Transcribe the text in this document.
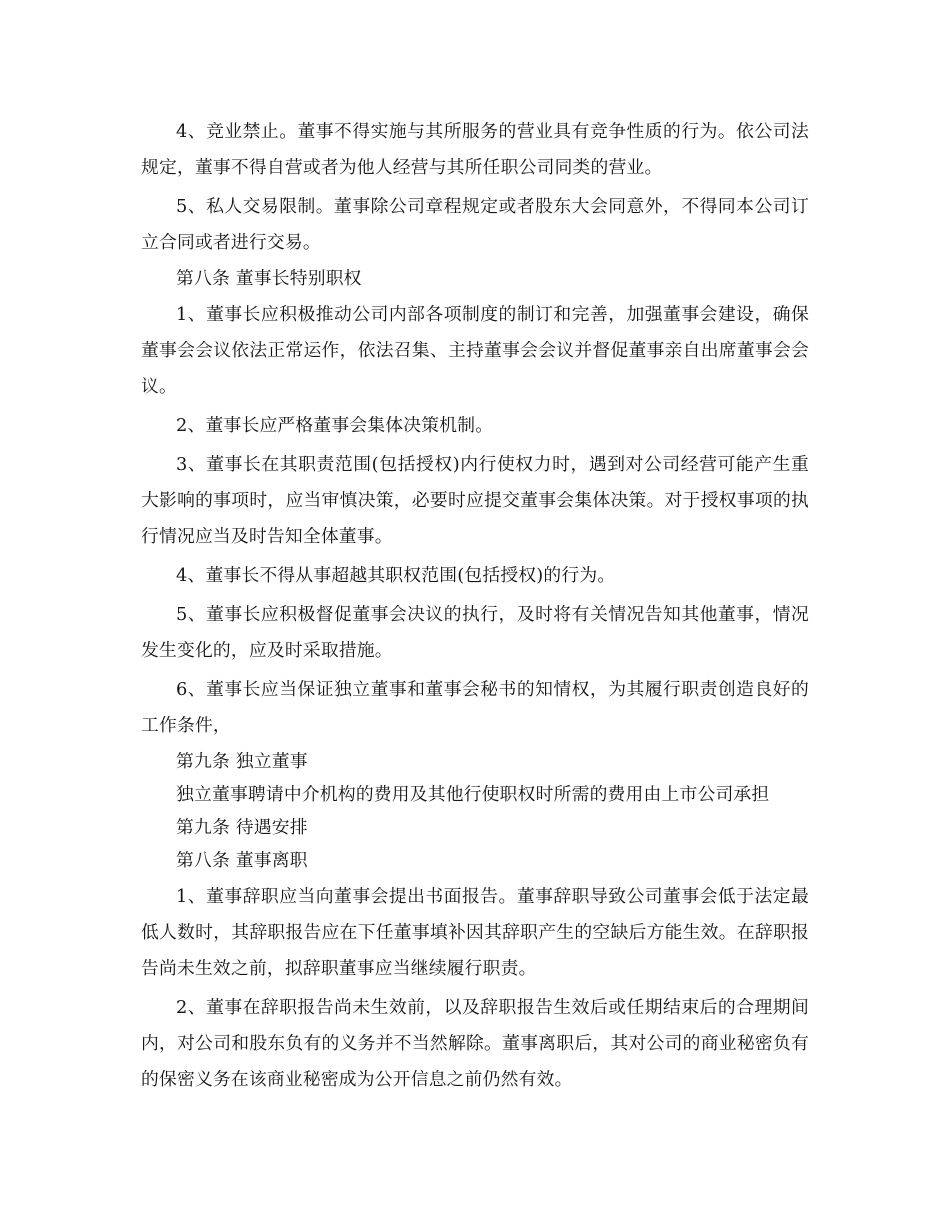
4、竞业禁止。董事不得实施与其所服务的营业具有竞争性质的行为。依公司法规定，董事不得自营或者为他人经营与其所任职公司同类的营业。

5、私人交易限制。董事除公司章程规定或者股东大会同意外，不得同本公司订立合同或者进行交易。

第八条 董事长特别职权

1、董事长应积极推动公司内部各项制度的制订和完善，加强董事会建设，确保董事会会议依法正常运作，依法召集、主持董事会会议并督促董事亲自出席董事会会议。

2、董事长应严格董事会集体决策机制。

3、董事长在其职责范围(包括授权)内行使权力时，遇到对公司经营可能产生重大影响的事项时，应当审慎决策，必要时应提交董事会集体决策。对于授权事项的执行情况应当及时告知全体董事。

4、董事长不得从事超越其职权范围(包括授权)的行为。

5、董事长应积极督促董事会决议的执行，及时将有关情况告知其他董事，情况发生变化的，应及时采取措施。

6、董事长应当保证独立董事和董事会秘书的知情权，为其履行职责创造良好的工作条件，

第九条 独立董事

独立董事聘请中介机构的费用及其他行使职权时所需的费用由上市公司承担

第九条 待遇安排

第八条 董事离职

1、董事辞职应当向董事会提出书面报告。董事辞职导致公司董事会低于法定最低人数时，其辞职报告应在下任董事填补因其辞职产生的空缺后方能生效。在辞职报告尚未生效之前，拟辞职董事应当继续履行职责。

2、董事在辞职报告尚未生效前，以及辞职报告生效后或任期结束后的合理期间内，对公司和股东负有的义务并不当然解除。董事离职后，其对公司的商业秘密负有的保密义务在该商业秘密成为公开信息之前仍然有效。
